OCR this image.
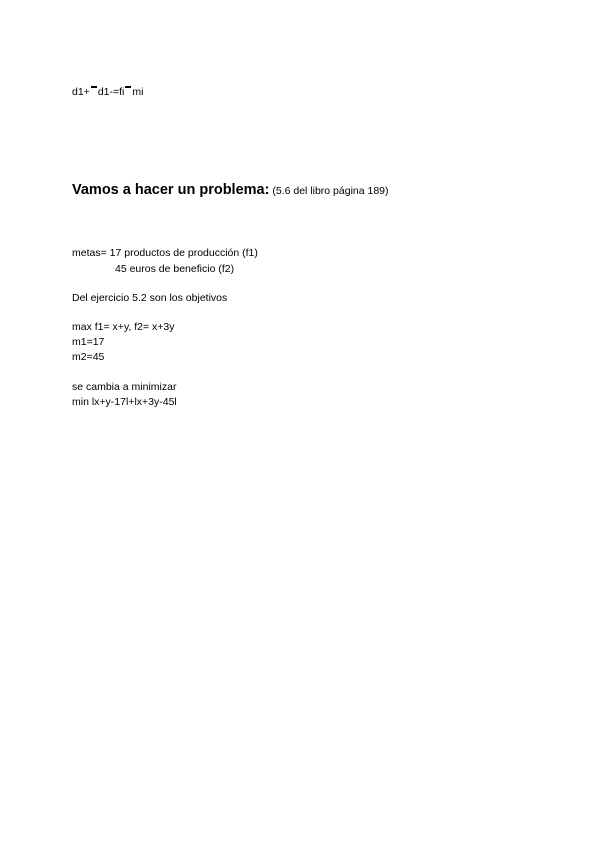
d1+ d1-=fi mi
Vamos a hacer un problema: (5.6 del libro página 189)
metas= 17 productos de producción (f1)
45 euros de beneficio (f2)
Del ejercicio 5.2 son los objetivos
max f1= x+y, f2= x+3y
m1=17
m2=45
se cambia a minimizar
min lx+y-17l+lx+3y-45l
